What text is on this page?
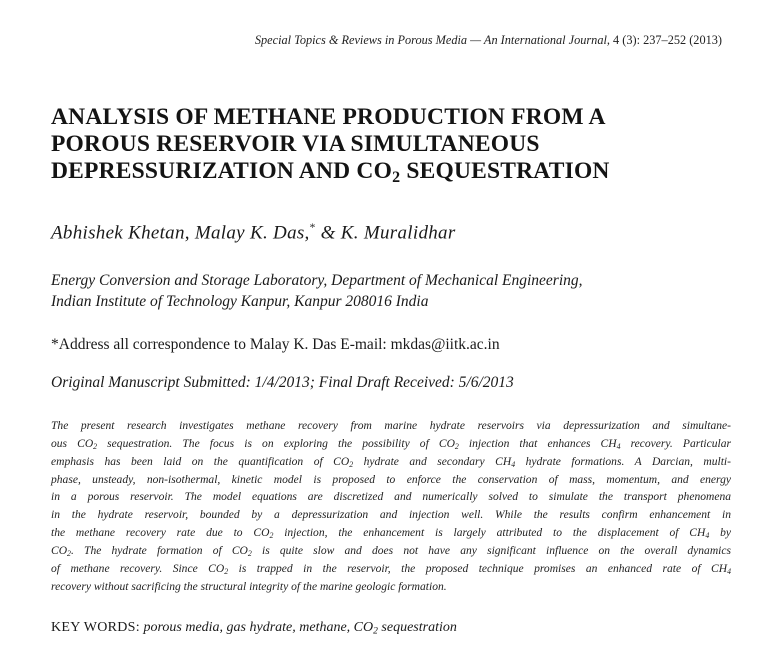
Special Topics & Reviews in Porous Media — An International Journal, 4 (3): 237–252 (2013)
ANALYSIS OF METHANE PRODUCTION FROM A
POROUS RESERVOIR VIA SIMULTANEOUS
DEPRESSURIZATION AND $CO_2$ SEQUESTRATION
Abhishek Khetan, Malay K. Das,* & K. Muralidhar
Energy Conversion and Storage Laboratory, Department of Mechanical Engineering,
Indian Institute of Technology Kanpur, Kanpur 208016 India
*Address all correspondence to Malay K. Das E-mail: mkdas@iitk.ac.in
Original Manuscript Submitted: 1/4/2013; Final Draft Received: 5/6/2013
The present research investigates methane recovery from marine hydrate reservoirs via depressurization and simultane-
ous $CO_2$ sequestration. The focus is on exploring the possibility of $CO_2$ injection that enhances $CH_4$ recovery. Particular
emphasis has been laid on the quantification of $CO_2$ hydrate and secondary $CH_4$ hydrate formations. A Darcian, multi-
phase, unsteady, non-isothermal, kinetic model is proposed to enforce the conservation of mass, momentum, and energy
in a porous reservoir. The model equations are discretized and numerically solved to simulate the transport phenomena
in the hydrate reservoir, bounded by a depressurization and injection well. While the results confirm enhancement in
the methane recovery rate due to $CO_2$ injection, the enhancement is largely attributed to the displacement of $CH_4$ by
$CO_2$. The hydrate formation of $CO_2$ is quite slow and does not have any significant influence on the overall dynamics
of methane recovery. Since $CO_2$ is trapped in the reservoir, the proposed technique promises an enhanced rate of $CH_4$
recovery without sacrificing the structural integrity of the marine geologic formation.
KEY WORDS: porous media, gas hydrate, methane, $CO_2$ sequestration
